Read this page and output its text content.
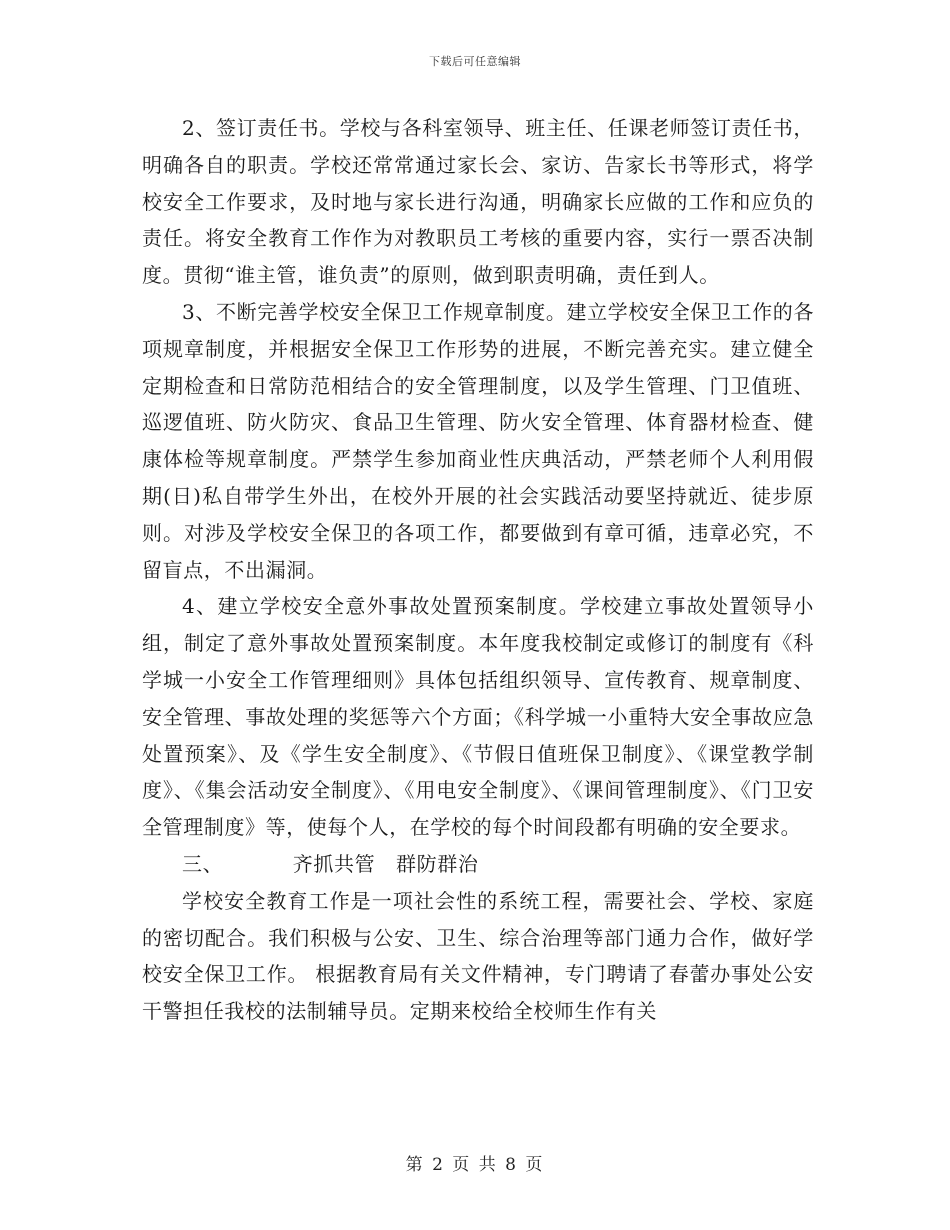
下载后可任意编辑

2、签订责任书。学校与各科室领导、班主任、任课老师签订责任书，明确各自的职责。学校还常常通过家长会、家访、告家长书等形式，将学校安全工作要求，及时地与家长进行沟通，明确家长应做的工作和应负的责任。将安全教育工作作为对教职员工考核的重要内容，实行一票否决制度。贯彻“谁主管，谁负责”的原则，做到职责明确，责任到人。

3、不断完善学校安全保卫工作规章制度。建立学校安全保卫工作的各项规章制度，并根据安全保卫工作形势的进展，不断完善充实。建立健全定期检查和日常防范相结合的安全管理制度，以及学生管理、门卫值班、巡逻值班、防火防灾、食品卫生管理、防火安全管理、体育器材检查、健康体检等规章制度。严禁学生参加商业性庆典活动，严禁老师个人利用假期(日)私自带学生外出，在校外开展的社会实践活动要坚持就近、徒步原则。对涉及学校安全保卫的各项工作，都要做到有章可循，违章必究，不留盲点，不出漏洞。

4、建立学校安全意外事故处置预案制度。学校建立事故处置领导小组，制定了意外事故处置预案制度。本年度我校制定或修订的制度有《科学城一小安全工作管理细则》具体包括组织领导、宣传教育、规章制度、安全管理、事故处理的奖惩等六个方面；《科学城一小重特大安全事故应急处置预案》、及《学生安全制度》、《节假日值班保卫制度》、《课堂教学制度》、《集会活动安全制度》、《用电安全制度》、《课间管理制度》、《门卫安全管理制度》等，使每个人，在学校的每个时间段都有明确的安全要求。

三、          齐抓共管   群防群治

学校安全教育工作是一项社会性的系统工程，需要社会、学校、家庭的密切配合。我们积极与公安、卫生、综合治理等部门通力合作，做好学校安全保卫工作。 根据教育局有关文件精神，专门聘请了春蕾办事处公安干警担任我校的法制辅导员。定期来校给全校师生作有关

第 2 页 共 8 页
